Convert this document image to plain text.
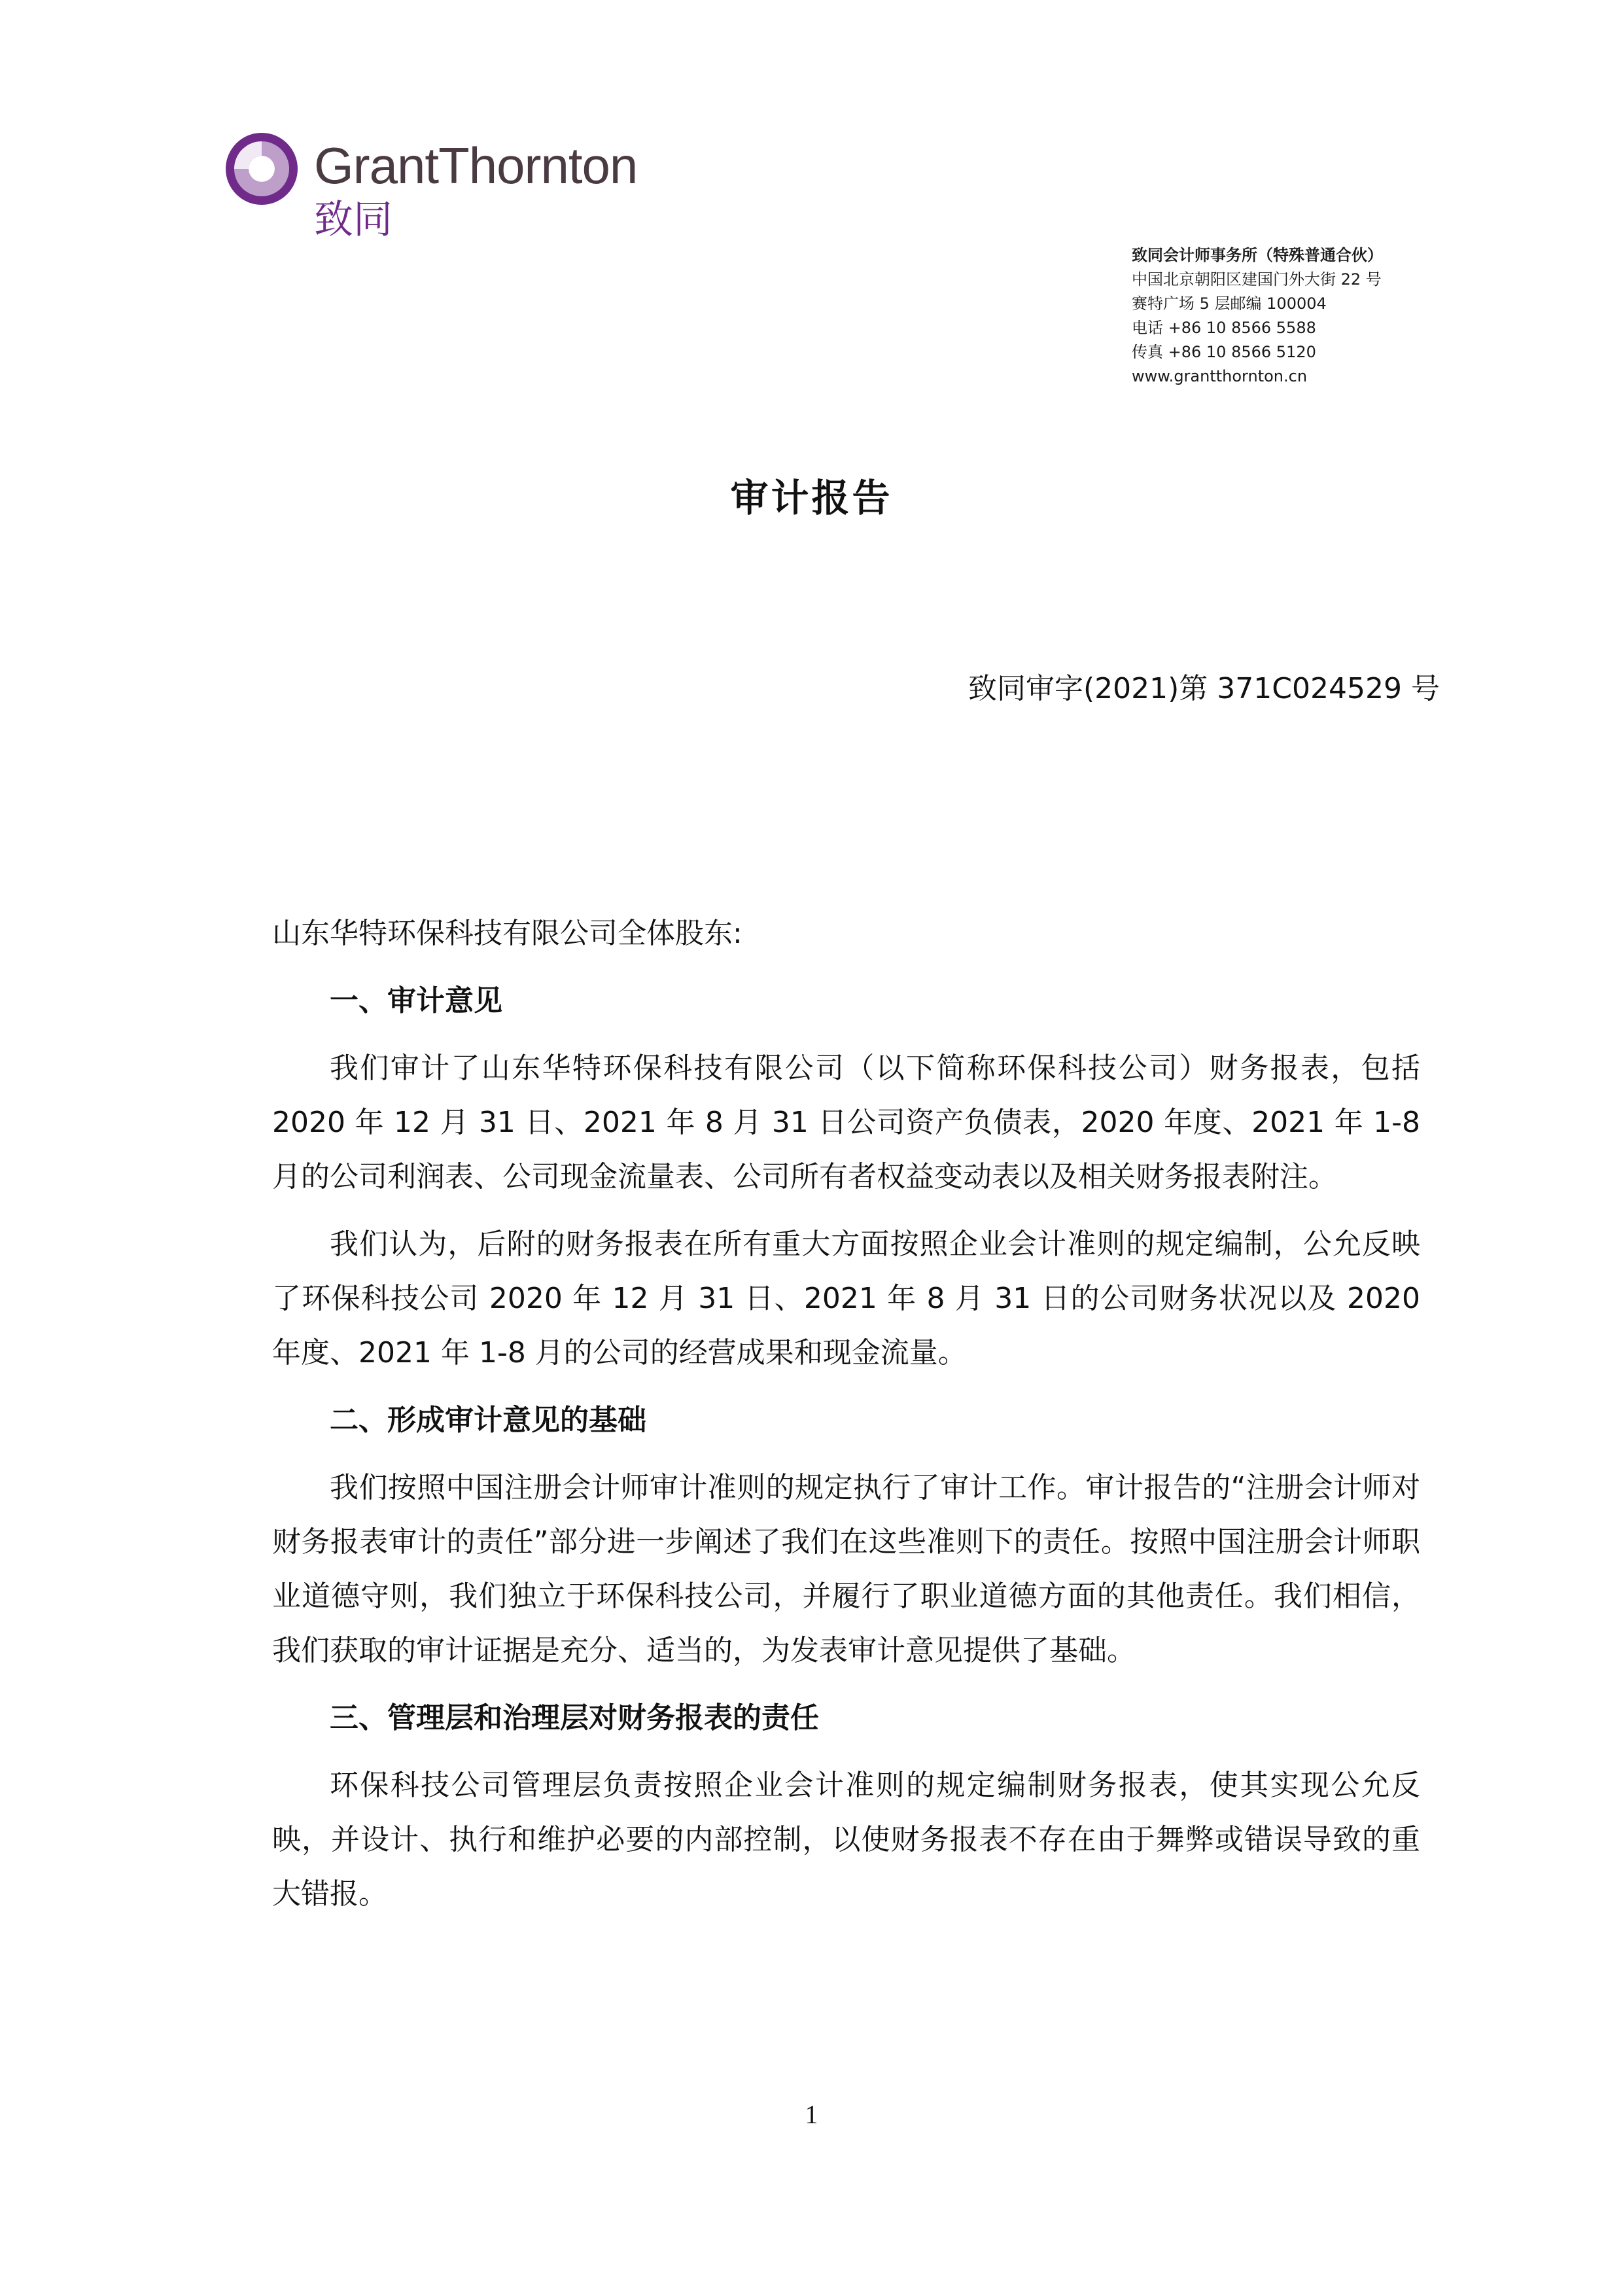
GrantThornton
致同
致同会计师事务所（特殊普通合伙）
中国北京朝阳区建国门外大街 22 号
赛特广场 5 层邮编 100004
电话 +86 10 8566 5588
传真 +86 10 8566 5120
www.grantthornton.cn
审计报告
致同审字(2021)第 371C024529 号

山东华特环保科技有限公司全体股东:

一、审计意见

我们审计了山东华特环保科技有限公司（以下简称环保科技公司）财务报表，包括 2020 年 12 月 31 日、2021 年 8 月 31 日公司资产负债表，2020 年度、2021 年 1-8 月的公司利润表、公司现金流量表、公司所有者权益变动表以及相关财务报表附注。

我们认为，后附的财务报表在所有重大方面按照企业会计准则的规定编制，公允反映了环保科技公司 2020 年 12 月 31 日、2021 年 8 月 31 日的公司财务状况以及 2020 年度、2021 年 1-8 月的公司的经营成果和现金流量。

二、形成审计意见的基础

我们按照中国注册会计师审计准则的规定执行了审计工作。审计报告的“注册会计师对财务报表审计的责任”部分进一步阐述了我们在这些准则下的责任。按照中国注册会计师职业道德守则，我们独立于环保科技公司，并履行了职业道德方面的其他责任。我们相信，我们获取的审计证据是充分、适当的，为发表审计意见提供了基础。

三、管理层和治理层对财务报表的责任

环保科技公司管理层负责按照企业会计准则的规定编制财务报表，使其实现公允反映，并设计、执行和维护必要的内部控制，以使财务报表不存在由于舞弊或错误导致的重大错报。

1
